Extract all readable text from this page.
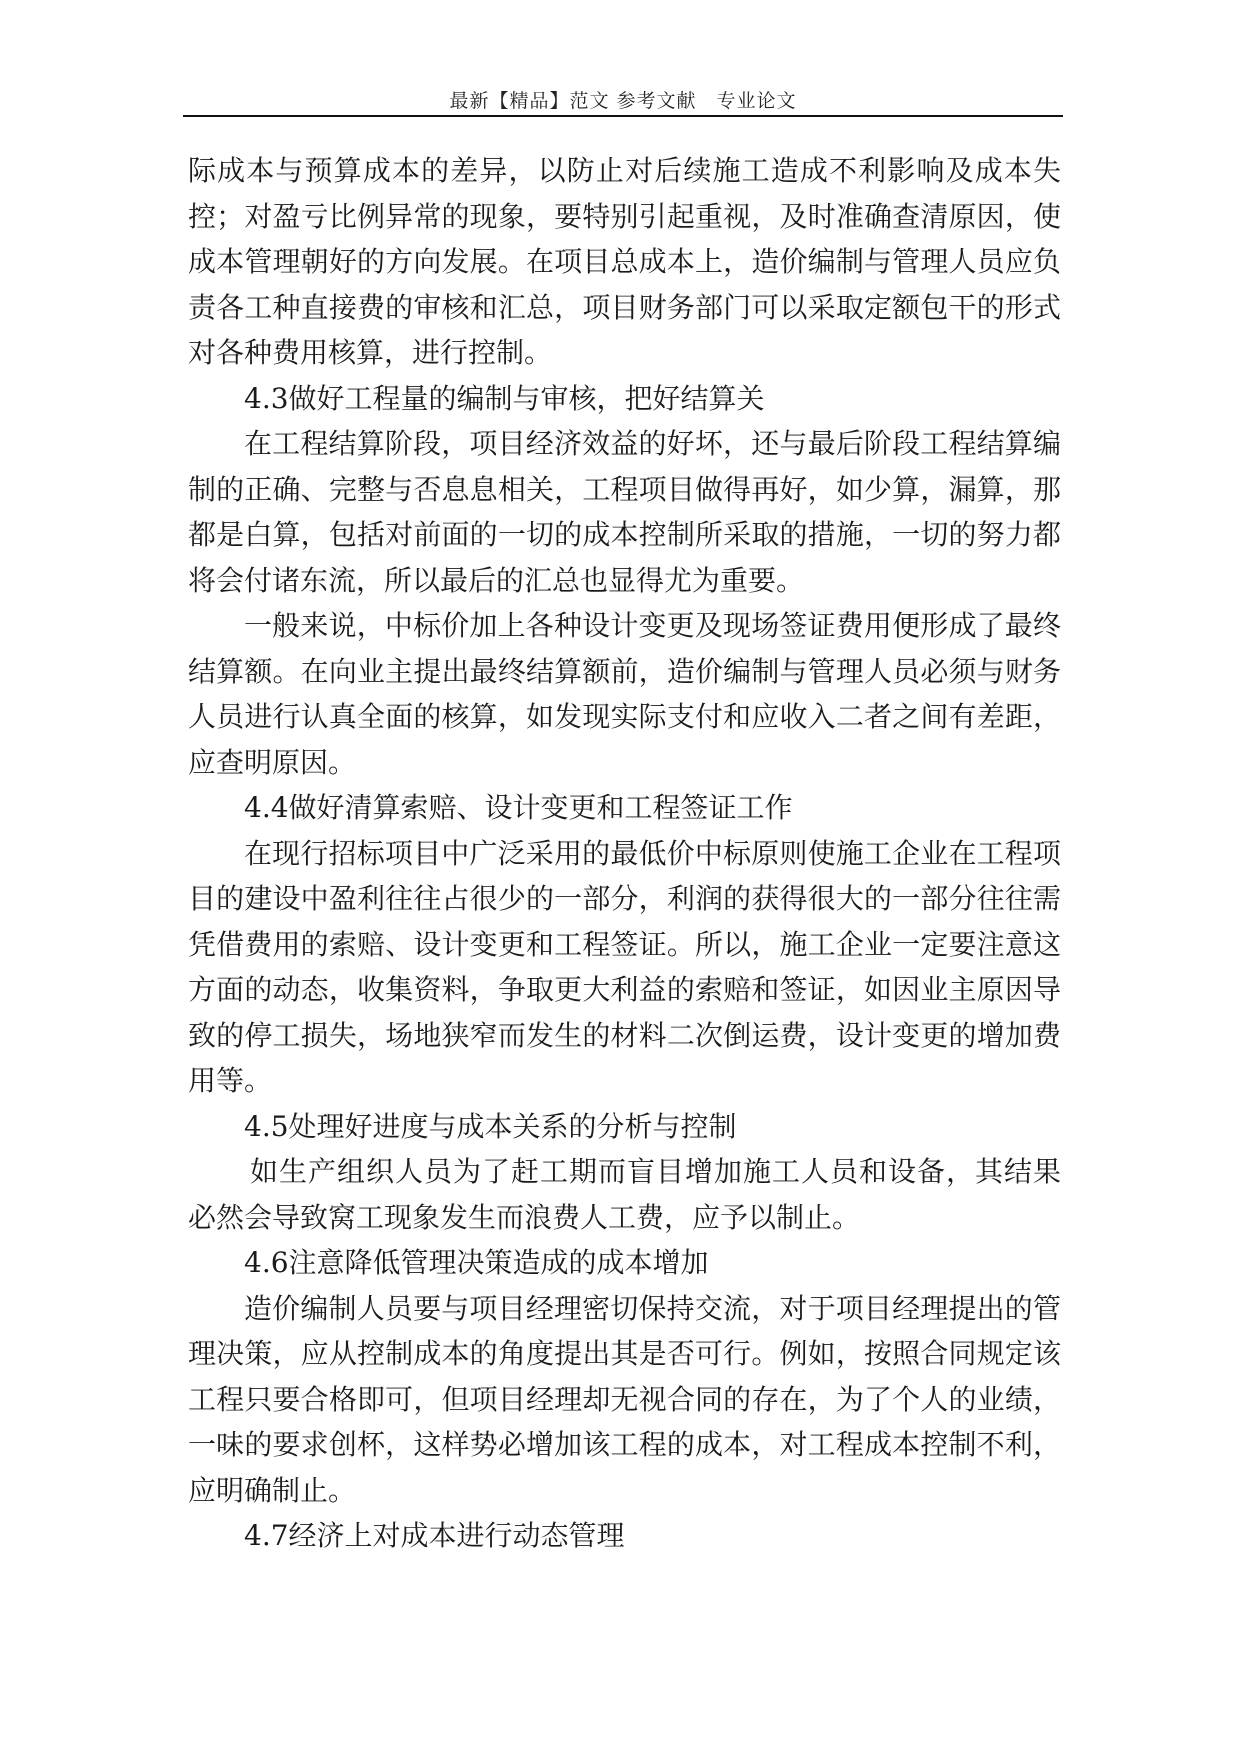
最新【精品】范文 参考文献　专业论文

际成本与预算成本的差异，以防止对后续施工造成不利影响及成本失控；对盈亏比例异常的现象，要特别引起重视，及时准确查清原因，使成本管理朝好的方向发展。在项目总成本上，造价编制与管理人员应负责各工种直接费的审核和汇总，项目财务部门可以采取定额包干的形式对各种费用核算，进行控制。

4.3做好工程量的编制与审核，把好结算关

在工程结算阶段，项目经济效益的好坏，还与最后阶段工程结算编制的正确、完整与否息息相关，工程项目做得再好，如少算，漏算，那都是白算，包括对前面的一切的成本控制所采取的措施，一切的努力都将会付诸东流，所以最后的汇总也显得尤为重要。

一般来说，中标价加上各种设计变更及现场签证费用便形成了最终结算额。在向业主提出最终结算额前，造价编制与管理人员必须与财务人员进行认真全面的核算，如发现实际支付和应收入二者之间有差距，应查明原因。

4.4做好清算索赔、设计变更和工程签证工作

在现行招标项目中广泛采用的最低价中标原则使施工企业在工程项目的建设中盈利往往占很少的一部分，利润的获得很大的一部分往往需凭借费用的索赔、设计变更和工程签证。所以，施工企业一定要注意这方面的动态，收集资料，争取更大利益的索赔和签证，如因业主原因导致的停工损失，场地狭窄而发生的材料二次倒运费，设计变更的增加费用等。

4.5处理好进度与成本关系的分析与控制

如生产组织人员为了赶工期而盲目增加施工人员和设备，其结果必然会导致窝工现象发生而浪费人工费，应予以制止。

4.6注意降低管理决策造成的成本增加

造价编制人员要与项目经理密切保持交流，对于项目经理提出的管理决策，应从控制成本的角度提出其是否可行。例如，按照合同规定该工程只要合格即可，但项目经理却无视合同的存在，为了个人的业绩，一味的要求创杯，这样势必增加该工程的成本，对工程成本控制不利，应明确制止。

4.7经济上对成本进行动态管理
